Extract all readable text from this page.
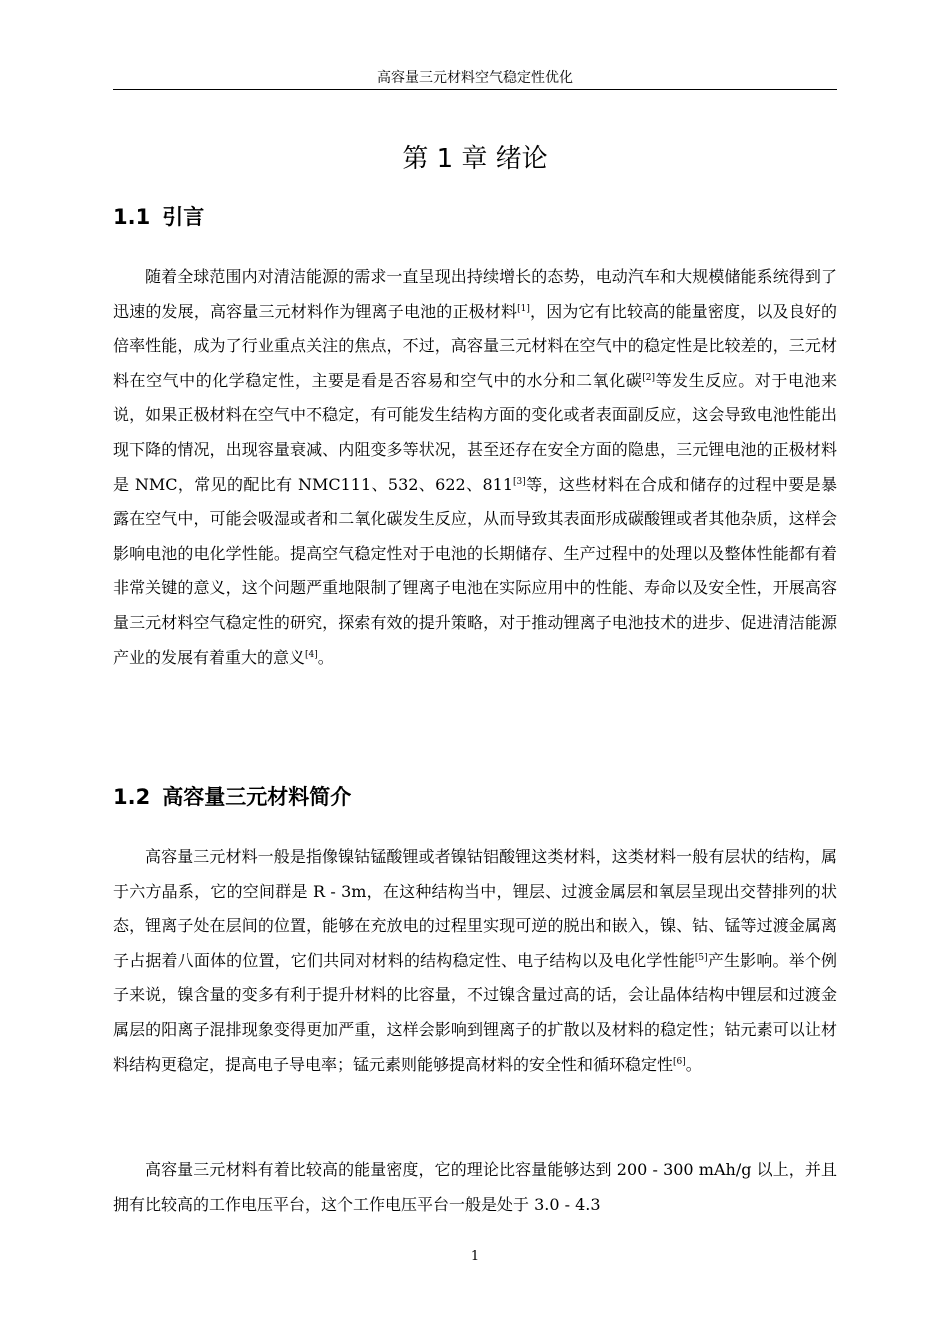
高容量三元材料空气稳定性优化
第 1 章 绪论
1.1 引言

随着全球范围内对清洁能源的需求一直呈现出持续增长的态势，电动汽车和大规模储能系统得到了迅速的发展，高容量三元材料作为锂离子电池的正极材料[1]，因为它有比较高的能量密度，以及良好的倍率性能，成为了行业重点关注的焦点，不过，高容量三元材料在空气中的稳定性是比较差的，三元材料在空气中的化学稳定性，主要是看是否容易和空气中的水分和二氧化碳[2]等发生反应。对于电池来说，如果正极材料在空气中不稳定，有可能发生结构方面的变化或者表面副反应，这会导致电池性能出现下降的情况，出现容量衰减、内阻变多等状况，甚至还存在安全方面的隐患，三元锂电池的正极材料是 NMC，常见的配比有 NMC111、532、622、811[3]等，这些材料在合成和储存的过程中要是暴露在空气中，可能会吸湿或者和二氧化碳发生反应，从而导致其表面形成碳酸锂或者其他杂质，这样会影响电池的电化学性能。提高空气稳定性对于电池的长期储存、生产过程中的处理以及整体性能都有着非常关键的意义，这个问题严重地限制了锂离子电池在实际应用中的性能、寿命以及安全性，开展高容量三元材料空气稳定性的研究，探索有效的提升策略，对于推动锂离子电池技术的进步、促进清洁能源产业的发展有着重大的意义[4]。

1.2 高容量三元材料简介

高容量三元材料一般是指像镍钴锰酸锂或者镍钴铝酸锂这类材料，这类材料一般有层状的结构，属于六方晶系，它的空间群是 R - 3m，在这种结构当中，锂层、过渡金属层和氧层呈现出交替排列的状态，锂离子处在层间的位置，能够在充放电的过程里实现可逆的脱出和嵌入，镍、钴、锰等过渡金属离子占据着八面体的位置，它们共同对材料的结构稳定性、电子结构以及电化学性能[5]产生影响。举个例子来说，镍含量的变多有利于提升材料的比容量，不过镍含量过高的话，会让晶体结构中锂层和过渡金属层的阳离子混排现象变得更加严重，这样会影响到锂离子的扩散以及材料的稳定性；钴元素可以让材料结构更稳定，提高电子导电率；锰元素则能够提高材料的安全性和循环稳定性[6]。

高容量三元材料有着比较高的能量密度，它的理论比容量能够达到 200 - 300 mAh/g 以上，并且拥有比较高的工作电压平台，这个工作电压平台一般是处于 3.0 - 4.3

1
